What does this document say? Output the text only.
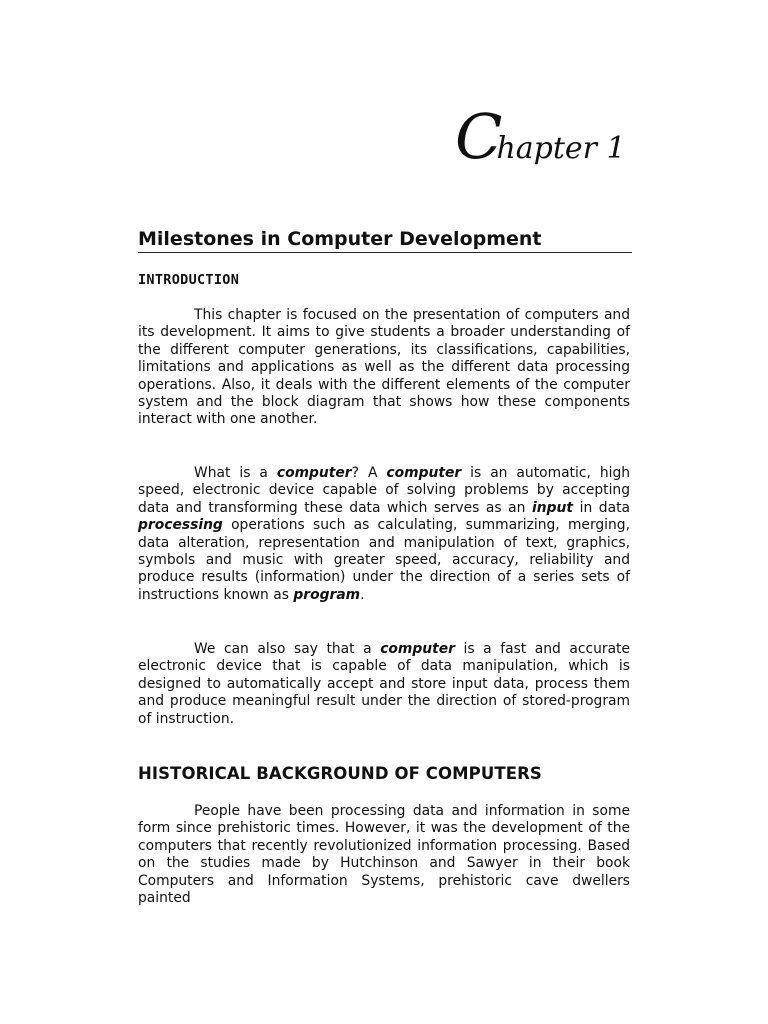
Chapter 1
Milestones in Computer Development
INTRODUCTION

This chapter is focused on the presentation of computers and its development. It aims to give students a broader understanding of the different computer generations, its classifications, capabilities, limitations and applications as well as the different data processing operations. Also, it deals with the different elements of the computer system and the block diagram that shows how these components interact with one another.

What is a computer? A computer is an automatic, high speed, electronic device capable of solving problems by accepting data and transforming these data which serves as an input in data processing operations such as calculating, summarizing, merging, data alteration, representation and manipulation of text, graphics, symbols and music with greater speed, accuracy, reliability and produce results (information) under the direction of a series sets of instructions known as program.

We can also say that a computer is a fast and accurate electronic device that is capable of data manipulation, which is designed to automatically accept and store input data, process them and produce meaningful result under the direction of stored-program of instruction.

HISTORICAL BACKGROUND OF COMPUTERS

People have been processing data and information in some form since prehistoric times. However, it was the development of the computers that recently revolutionized information processing. Based on the studies made by Hutchinson and Sawyer in their book Computers and Information Systems, prehistoric cave dwellers painted
